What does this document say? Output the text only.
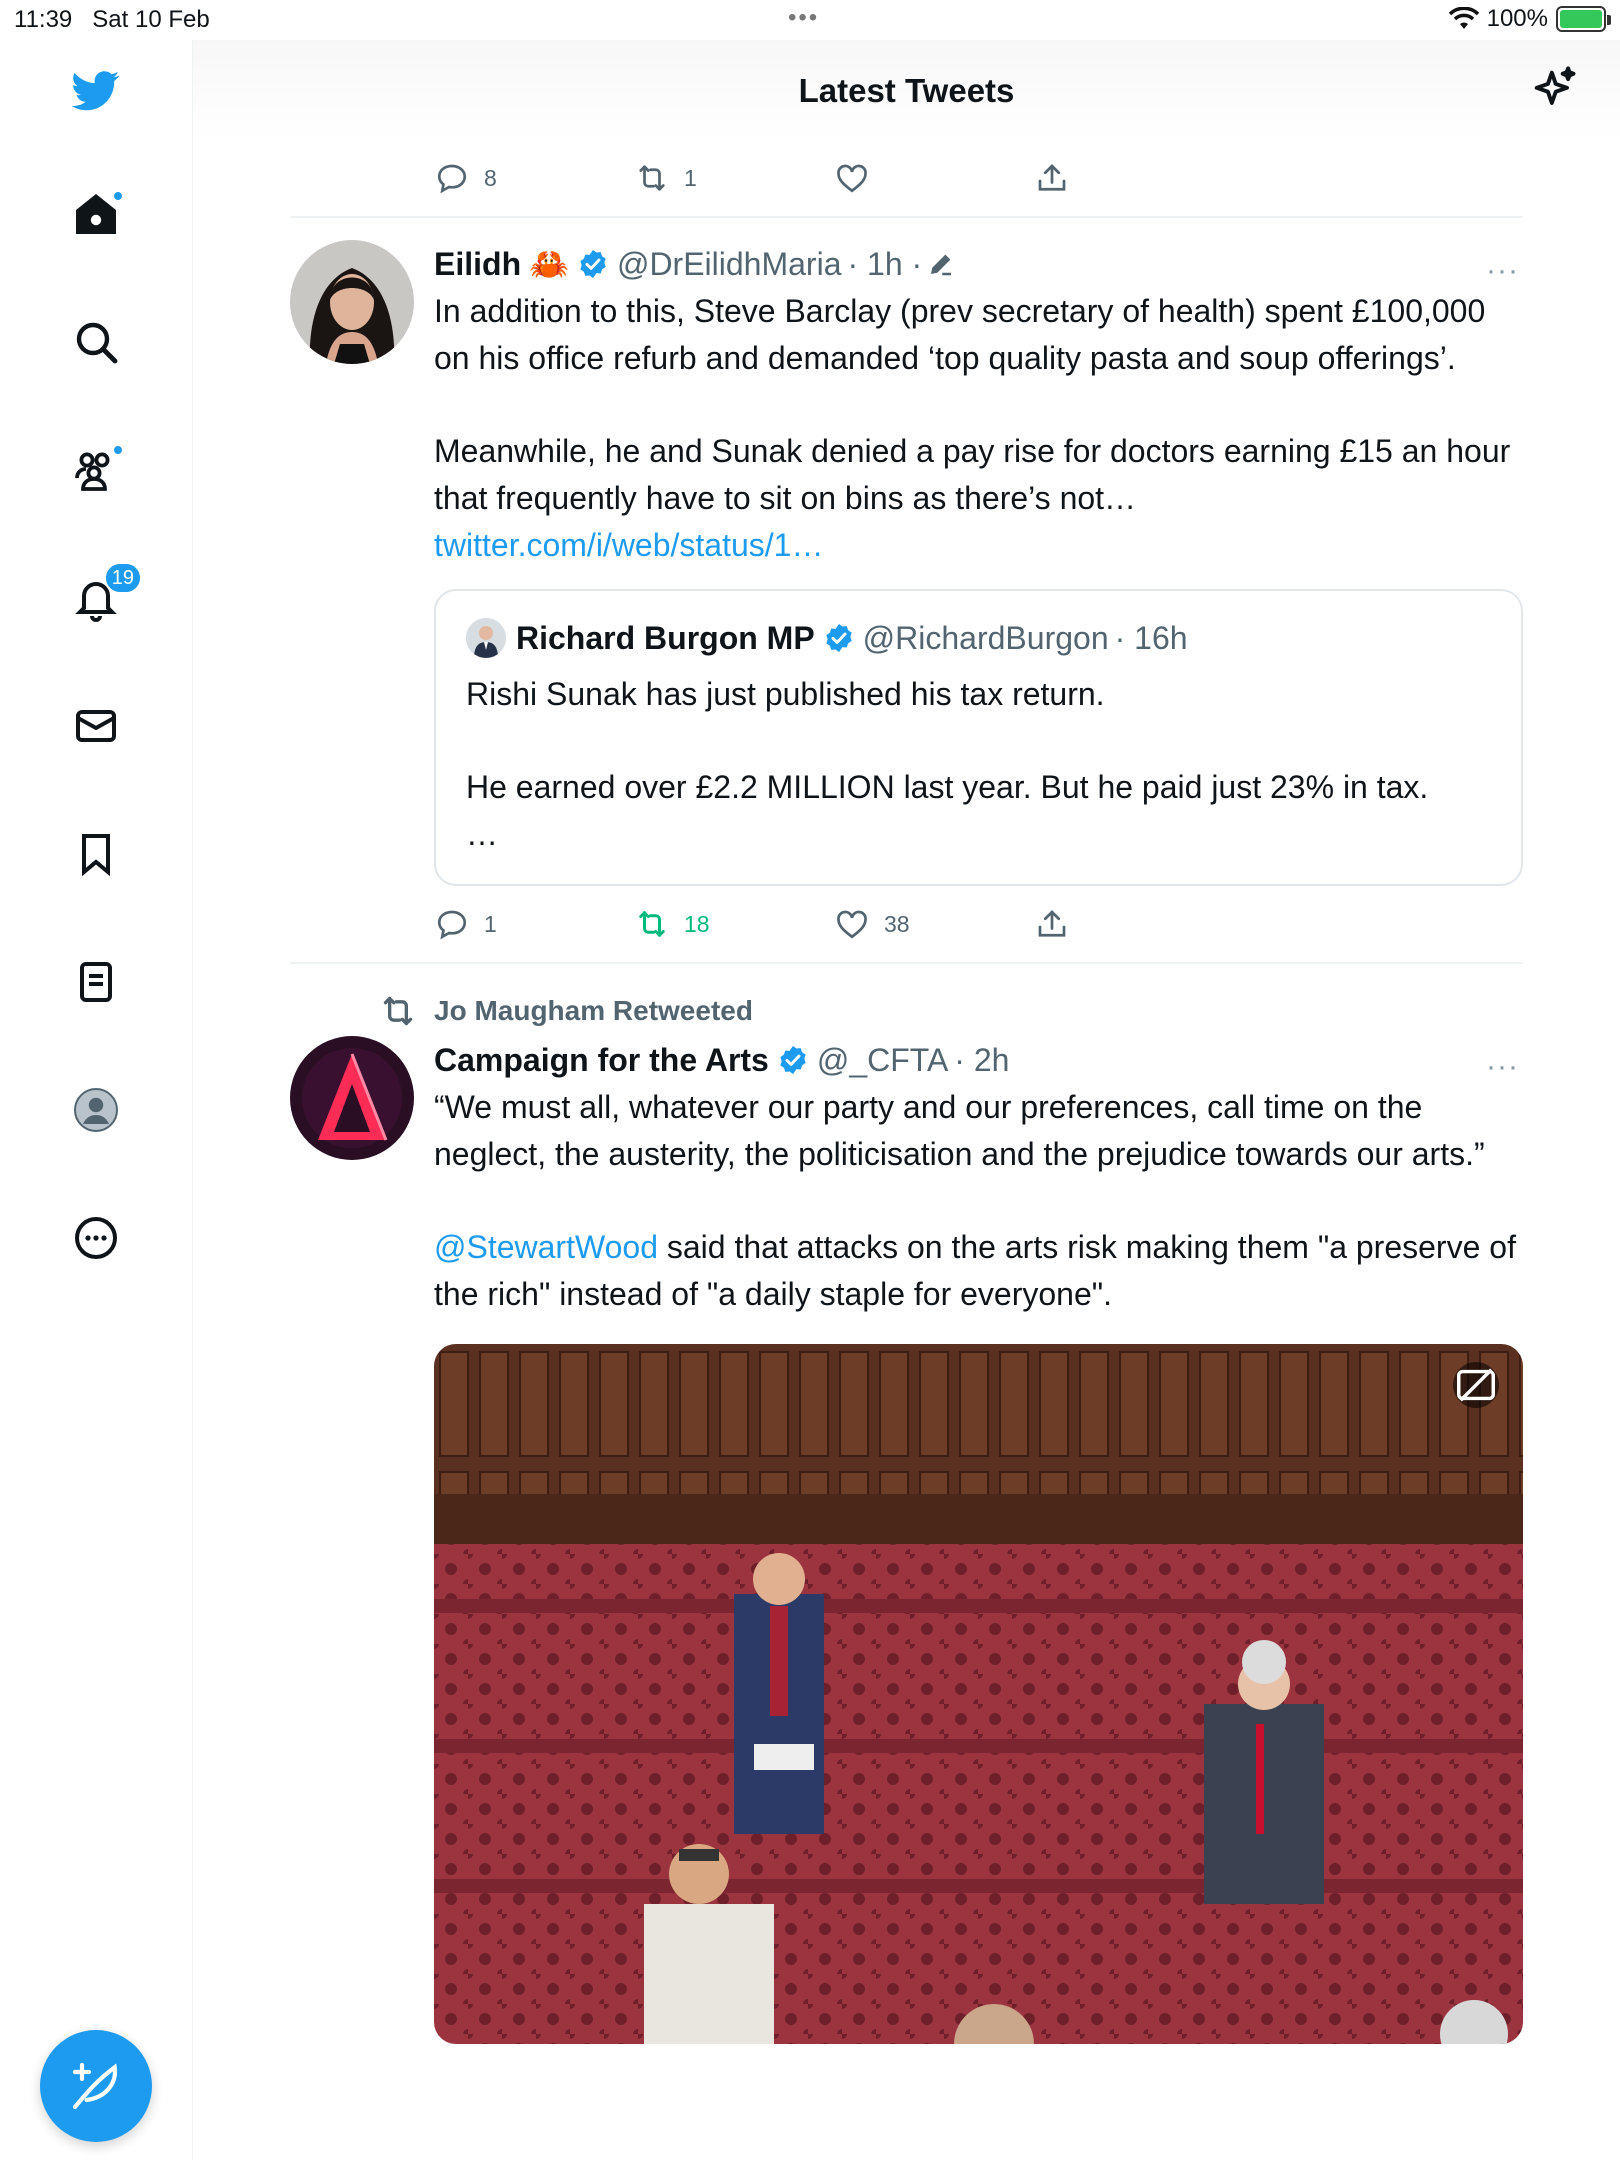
11:39 Sat 10 Feb	•••	100%
19
Latest Tweets
8	1
Eilidh 🦀 @DrEilidhMaria · 1h ·	···

In addition to this, Steve Barclay (prev secretary of health) spent £100,000 on his office refurb and demanded ‘top quality pasta and soup offerings’.

Meanwhile, he and Sunak denied a pay rise for doctors earning £15 an hour that frequently have to sit on bins as there’s not… twitter.com/i/web/status/1…

Richard Burgon MP @RichardBurgon · 16h

Rishi Sunak has just published his tax return.

He earned over £2.2 MILLION last year. But he paid just 23% in tax.

…

1	18	38
Jo Maugham Retweeted
Campaign for the Arts @_CFTA · 2h	···

“We must all, whatever our party and our preferences, call time on the neglect, the austerity, the politicisation and the prejudice towards our arts.”

@StewartWood said that attacks on the arts risk making them "a preserve of the rich" instead of "a daily staple for everyone".
